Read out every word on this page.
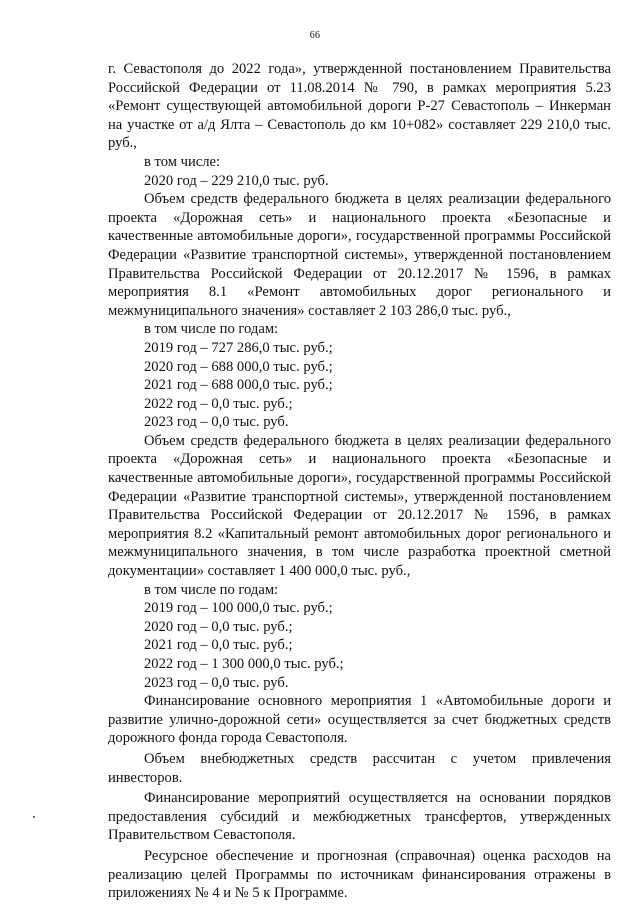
66

г. Севастополя до 2022 года», утвержденной постановлением Правительства Российской Федерации от 11.08.2014 № 790, в рамках мероприятия 5.23 «Ремонт существующей автомобильной дороги Р-27 Севастополь – Инкерман на участке от а/д Ялта – Севастополь до км 10+082» составляет 229 210,0 тыс. руб.,

в том числе:

2020 год – 229 210,0 тыс. руб.

Объем средств федерального бюджета в целях реализации федерального проекта «Дорожная сеть» и национального проекта «Безопасные и качественные автомобильные дороги», государственной программы Российской Федерации «Развитие транспортной системы», утвержденной постановлением Правительства Российской Федерации от 20.12.2017 № 1596, в рамках мероприятия 8.1 «Ремонт автомобильных дорог регионального и межмуниципального значения» составляет 2 103 286,0 тыс. руб.,

в том числе по годам:

2019 год – 727 286,0 тыс. руб.;

2020 год – 688 000,0 тыс. руб.;

2021 год – 688 000,0 тыс. руб.;

2022 год – 0,0 тыс. руб.;

2023 год – 0,0 тыс. руб.

Объем средств федерального бюджета в целях реализации федерального проекта «Дорожная сеть» и национального проекта «Безопасные и качественные автомобильные дороги», государственной программы Российской Федерации «Развитие транспортной системы», утвержденной постановлением Правительства Российской Федерации от 20.12.2017 № 1596, в рамках мероприятия 8.2 «Капитальный ремонт автомобильных дорог регионального и межмуниципального значения, в том числе разработка проектной сметной документации» составляет 1 400 000,0 тыс. руб.,

в том числе по годам:

2019 год – 100 000,0 тыс. руб.;

2020 год – 0,0 тыс. руб.;

2021 год – 0,0 тыс. руб.;

2022 год – 1 300 000,0 тыс. руб.;

2023 год – 0,0 тыс. руб.

Финансирование основного мероприятия 1 «Автомобильные дороги и развитие улично-дорожной сети» осуществляется за счет бюджетных средств дорожного фонда города Севастополя.

Объем внебюджетных средств рассчитан с учетом привлечения инвесторов.

Финансирование мероприятий осуществляется на основании порядков предоставления субсидий и межбюджетных трансфертов, утвержденных Правительством Севастополя.

Ресурсное обеспечение и прогнозная (справочная) оценка расходов на реализацию целей Программы по источникам финансирования отражены в приложениях № 4 и № 5 к Программе.
